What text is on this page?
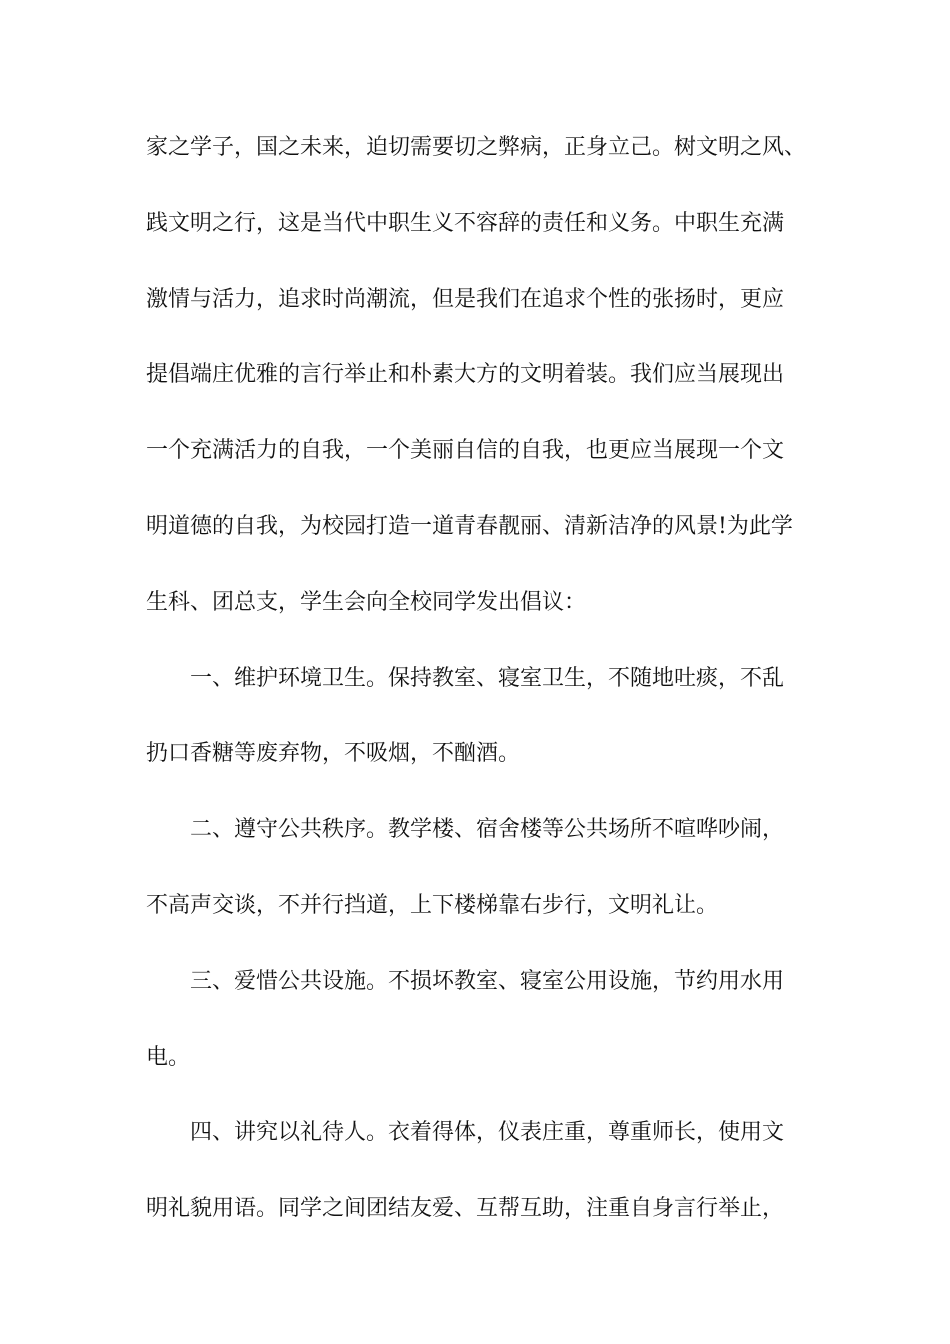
家之学子，国之未来，迫切需要切之弊病，正身立己。树文明之风、
践文明之行，这是当代中职生义不容辞的责任和义务。中职生充满
激情与活力，追求时尚潮流，但是我们在追求个性的张扬时，更应
提倡端庄优雅的言行举止和朴素大方的文明着装。我们应当展现出
一个充满活力的自我，一个美丽自信的自我，也更应当展现一个文
明道德的自我，为校园打造一道青春靓丽、清新洁净的风景!为此学
生科、团总支，学生会向全校同学发出倡议：
一、维护环境卫生。保持教室、寝室卫生，不随地吐痰，不乱
扔口香糖等废弃物，不吸烟，不酗酒。
二、遵守公共秩序。教学楼、宿舍楼等公共场所不喧哗吵闹，
不高声交谈，不并行挡道，上下楼梯靠右步行，文明礼让。
三、爱惜公共设施。不损坏教室、寝室公用设施，节约用水用
电。
四、讲究以礼待人。衣着得体，仪表庄重，尊重师长，使用文
明礼貌用语。同学之间团结友爱、互帮互助，注重自身言行举止，
